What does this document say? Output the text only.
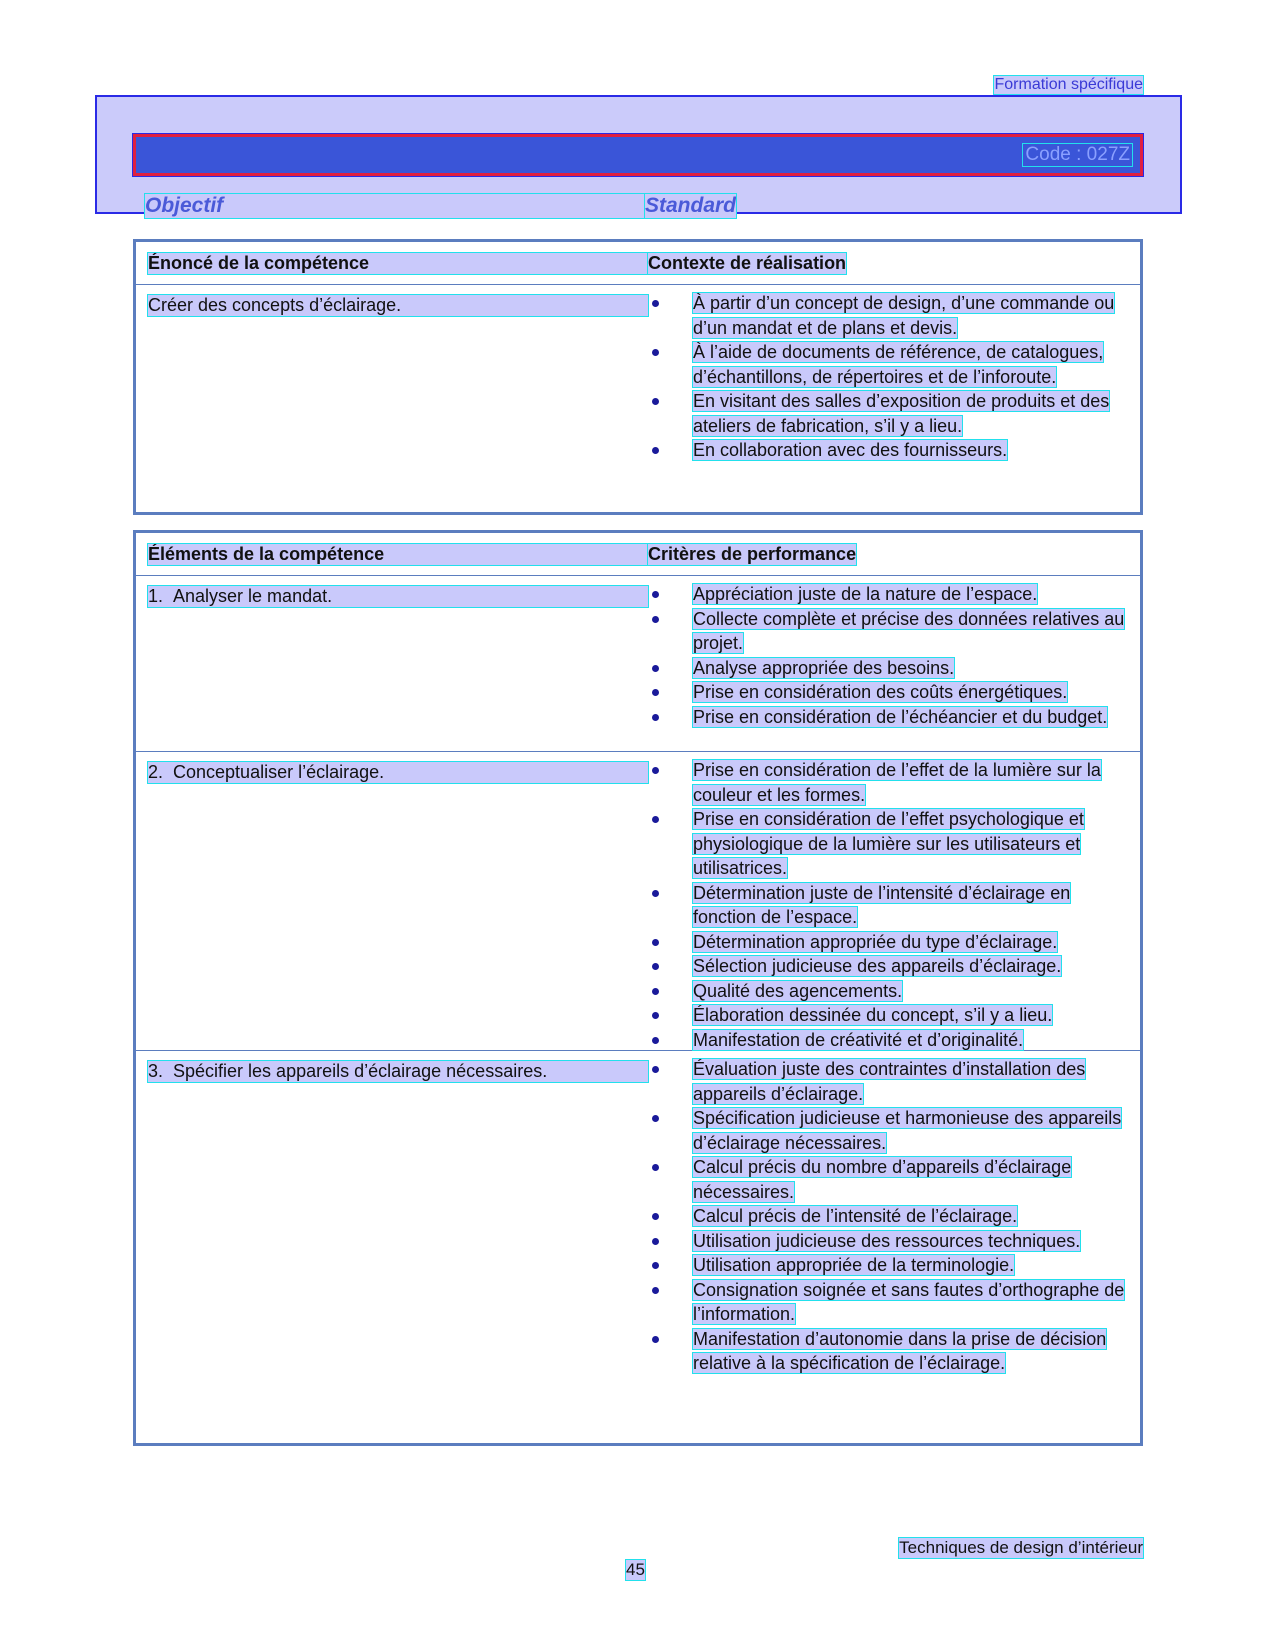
Formation spécifique
Code : 027Z
Objectif	Standard
Énoncé de la compétence	Contexte de réalisation
Créer des concepts d’éclairage.	À partir d’un concept de design, d’une commande ou d’un mandat et de plans et devis.
À l’aide de documents de référence, de catalogues, d’échantillons, de répertoires et de l’inforoute.
En visitant des salles d’exposition de produits et des ateliers de fabrication, s’il y a lieu.
En collaboration avec des fournisseurs.
Éléments de la compétence	Critères de performance
1. Analyser le mandat.	Appréciation juste de la nature de l’espace.
Collecte complète et précise des données relatives au projet.
Analyse appropriée des besoins.
Prise en considération des coûts énergétiques.
Prise en considération de l’échéancier et du budget.
2. Conceptualiser l’éclairage.	Prise en considération de l’effet de la lumière sur la couleur et les formes.
Prise en considération de l’effet psychologique et physiologique de la lumière sur les utilisateurs et utilisatrices.
Détermination juste de l’intensité d’éclairage en fonction de l’espace.
Détermination appropriée du type d’éclairage.
Sélection judicieuse des appareils d’éclairage.
Qualité des agencements.
Élaboration dessinée du concept, s’il y a lieu.
Manifestation de créativité et d’originalité.
3. Spécifier les appareils d’éclairage nécessaires.	Évaluation juste des contraintes d’installation des appareils d’éclairage.
Spécification judicieuse et harmonieuse des appareils d’éclairage nécessaires.
Calcul précis du nombre d’appareils d’éclairage nécessaires.
Calcul précis de l’intensité de l’éclairage.
Utilisation judicieuse des ressources techniques.
Utilisation appropriée de la terminologie.
Consignation soignée et sans fautes d’orthographe de l’information.
Manifestation d’autonomie dans la prise de décision relative à la spécification de l’éclairage.
Techniques de design d’intérieur
45
